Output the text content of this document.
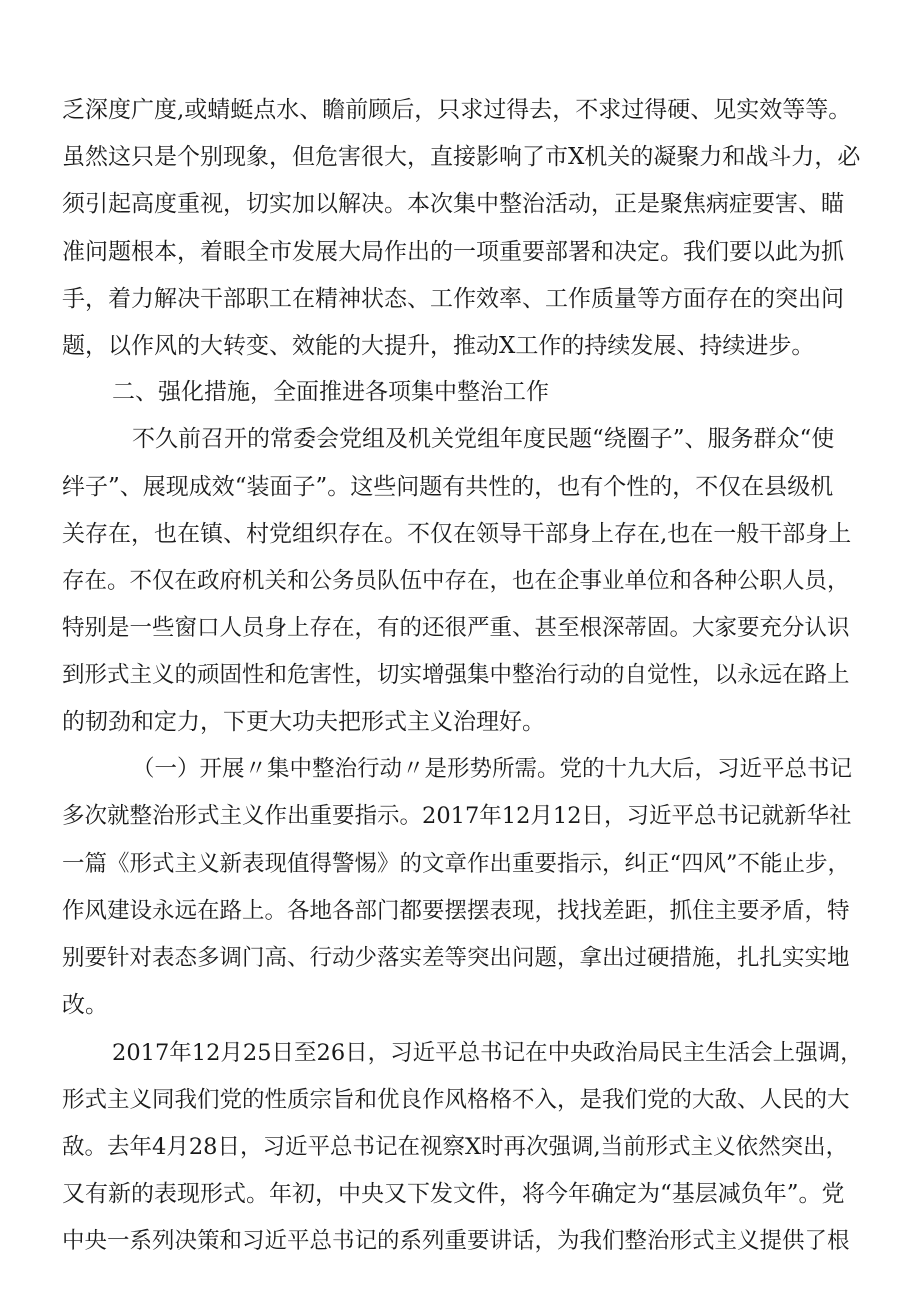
乏深度广度,或蜻蜓点水、瞻前顾后，只求过得去，不求过得硬、见实效等等。
虽然这只是个别现象，但危害很大，直接影响了市X机关的凝聚力和战斗力，必
须引起高度重视，切实加以解决。本次集中整治活动，正是聚焦病症要害、瞄
准问题根本，着眼全市发展大局作出的一项重要部署和决定。我们要以此为抓
手，着力解决干部职工在精神状态、工作效率、工作质量等方面存在的突出问
题，以作风的大转变、效能的大提升，推动X工作的持续发展、持续进步。
二、强化措施，全面推进各项集中整治工作
不久前召开的常委会党组及机关党组年度民题“绕圈子”、服务群众“使
绊子”、展现成效“装面子”。这些问题有共性的，也有个性的，不仅在县级机
关存在，也在镇、村党组织存在。不仅在领导干部身上存在,也在一般干部身上
存在。不仅在政府机关和公务员队伍中存在，也在企事业单位和各种公职人员，
特别是一些窗口人员身上存在，有的还很严重、甚至根深蒂固。大家要充分认识
到形式主义的顽固性和危害性，切实增强集中整治行动的自觉性，以永远在路上
的韧劲和定力，下更大功夫把形式主义治理好。
（一）开展〃集中整治行动〃是形势所需。党的十九大后，习近平总书记
多次就整治形式主义作出重要指示。2017年12月12日，习近平总书记就新华社
一篇《形式主义新表现值得警惕》的文章作出重要指示，纠正“四风”不能止步，
作风建设永远在路上。各地各部门都要摆摆表现，找找差距，抓住主要矛盾，特
别要针对表态多调门高、行动少落实差等突出问题，拿出过硬措施，扎扎实实地
改。
2017年12月25日至26日，习近平总书记在中央政治局民主生活会上强调，
形式主义同我们党的性质宗旨和优良作风格格不入，是我们党的大敌、人民的大
敌。去年4月28日，习近平总书记在视察X时再次强调,当前形式主义依然突出，
又有新的表现形式。年初，中央又下发文件，将今年确定为“基层减负年”。党
中央一系列决策和习近平总书记的系列重要讲话，为我们整治形式主义提供了根
